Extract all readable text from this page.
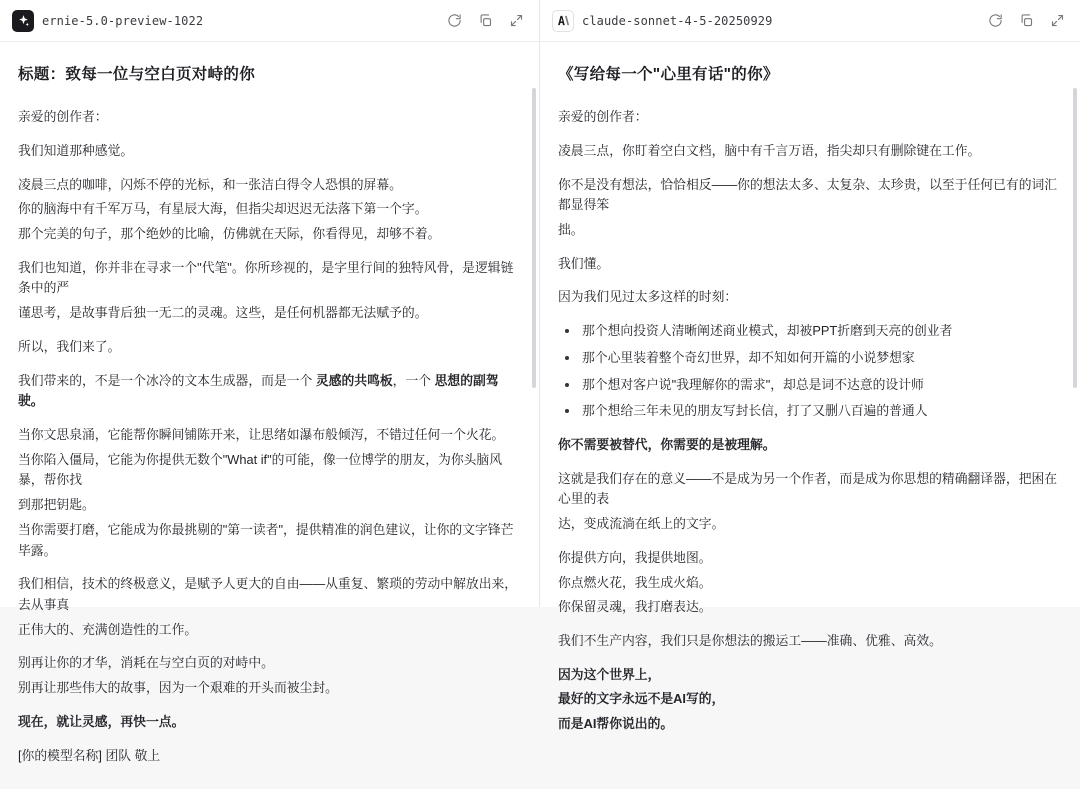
ernie-5.0-preview-1022
标题：致每一位与空白页对峙的你

亲爱的创作者：

我们知道那种感觉。

凌晨三点的咖啡，闪烁不停的光标，和一张洁白得令人恐惧的屏幕。

你的脑海中有千军万马，有星辰大海，但指尖却迟迟无法落下第一个字。

那个完美的句子，那个绝妙的比喻，仿佛就在天际，你看得见，却够不着。

我们也知道，你并非在寻求一个"代笔"。你所珍视的，是字里行间的独特风骨，是逻辑链条中的严

谨思考，是故事背后独一无二的灵魂。这些，是任何机器都无法赋予的。

所以，我们来了。

我们带来的，不是一个冰冷的文本生成器，而是一个 灵感的共鸣板，一个 思想的副驾驶。

当你文思泉涌，它能帮你瞬间铺陈开来，让思绪如瀑布般倾泻，不错过任何一个火花。

当你陷入僵局，它能为你提供无数个"What if"的可能，像一位博学的朋友，为你头脑风暴，帮你找

到那把钥匙。

当你需要打磨，它能成为你最挑剔的"第一读者"，提供精准的润色建议，让你的文字锋芒毕露。

我们相信，技术的终极意义，是赋予人更大的自由——从重复、繁琐的劳动中解放出来，去从事真

正伟大的、充满创造性的工作。

别再让你的才华，消耗在与空白页的对峙中。

别再让那些伟大的故事，因为一个艰难的开头而被尘封。

现在，就让灵感，再快一点。

[你的模型名称] 团队 敬上

claude-sonnet-4-5-20250929
《写给每一个"心里有话"的你》

亲爱的创作者：

凌晨三点，你盯着空白文档，脑中有千言万语，指尖却只有删除键在工作。

你不是没有想法，恰恰相反——你的想法太多、太复杂、太珍贵，以至于任何已有的词汇都显得笨

拙。

我们懂。

因为我们见过太多这样的时刻：

• 那个想向投资人清晰阐述商业模式，却被PPT折磨到天亮的创业者
• 那个心里装着整个奇幻世界，却不知如何开篇的小说梦想家
• 那个想对客户说"我理解你的需求"，却总是词不达意的设计师
• 那个想给三年未见的朋友写封长信，打了又删八百遍的普通人

你不需要被替代，你需要的是被理解。

这就是我们存在的意义——不是成为另一个作者，而是成为你思想的精确翻译器，把困在心里的表

达，变成流淌在纸上的文字。

你提供方向，我提供地图。

你点燃火花，我生成火焰。

你保留灵魂，我打磨表达。

我们不生产内容，我们只是你想法的搬运工——准确、优雅、高效。

因为这个世界上，

最好的文字永远不是AI写的，

而是AI帮你说出的。
